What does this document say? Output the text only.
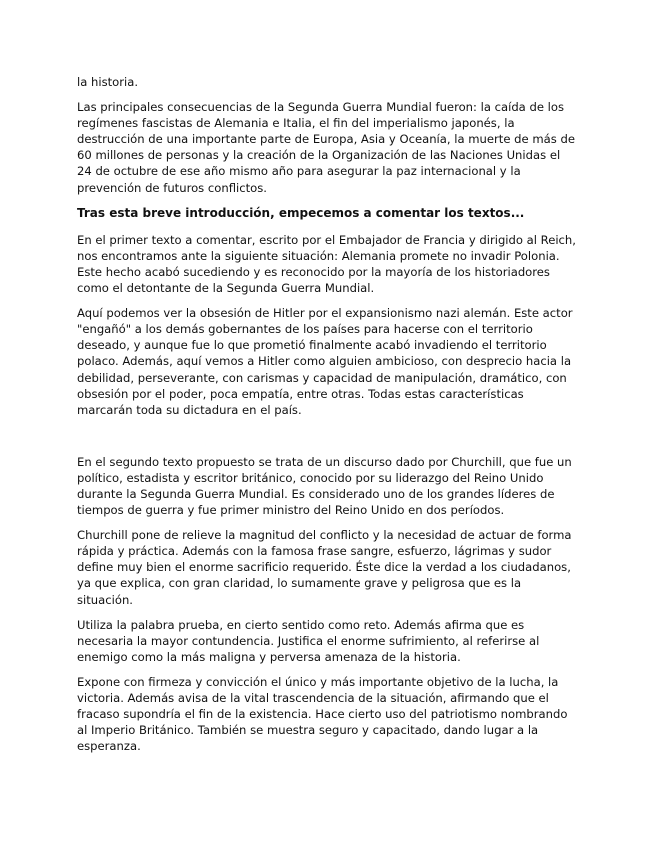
la historia.

Las principales consecuencias de la Segunda Guerra Mundial fueron: la caída de los regímenes fascistas de Alemania e Italia, el fin del imperialismo japonés, la destrucción de una importante parte de Europa, Asia y Oceanía, la muerte de más de 60 millones de personas y la creación de la Organización de las Naciones Unidas el 24 de octubre de ese año mismo año para asegurar la paz internacional y la prevención de futuros conflictos.

Tras esta breve introducción, empecemos a comentar los textos...

En el primer texto a comentar, escrito por el Embajador de Francia y dirigido al Reich, nos encontramos ante la siguiente situación: Alemania promete no invadir Polonia. Este hecho acabó sucediendo y es reconocido por la mayoría de los historiadores como el detontante de la Segunda Guerra Mundial.

Aquí podemos ver la obsesión de Hitler por el expansionismo nazi alemán. Este actor "engañó" a los demás gobernantes de los países para hacerse con el territorio deseado, y aunque fue lo que prometió finalmente acabó invadiendo el territorio polaco. Además, aquí vemos a Hitler como alguien ambicioso, con desprecio hacia la debilidad, perseverante, con carismas y capacidad de manipulación, dramático, con obsesión por el poder, poca empatía, entre otras. Todas estas características marcarán toda su dictadura en el país.

En el segundo texto propuesto se trata de un discurso dado por Churchill, que fue un político, estadista y escritor británico, conocido por su liderazgo del Reino Unido durante la Segunda Guerra Mundial. Es considerado uno de los grandes líderes de tiempos de guerra y fue primer ministro del Reino Unido en dos períodos.

Churchill pone de relieve la magnitud del conflicto y la necesidad de actuar de forma rápida y práctica. Además con la famosa frase sangre, esfuerzo, lágrimas y sudor define muy bien el enorme sacrificio requerido. Éste dice la verdad a los ciudadanos, ya que explica, con gran claridad, lo sumamente grave y peligrosa que es la situación.

Utiliza la palabra prueba, en cierto sentido como reto. Además afirma que es necesaria la mayor contundencia. Justifica el enorme sufrimiento, al referirse al enemigo como la más maligna y perversa amenaza de la historia.

Expone con firmeza y convicción el único y más importante objetivo de la lucha, la victoria. Además avisa de la vital trascendencia de la situación, afirmando que el fracaso supondría el fin de la existencia. Hace cierto uso del patriotismo nombrando al Imperio Británico. También se muestra seguro y capacitado, dando lugar a la esperanza.
